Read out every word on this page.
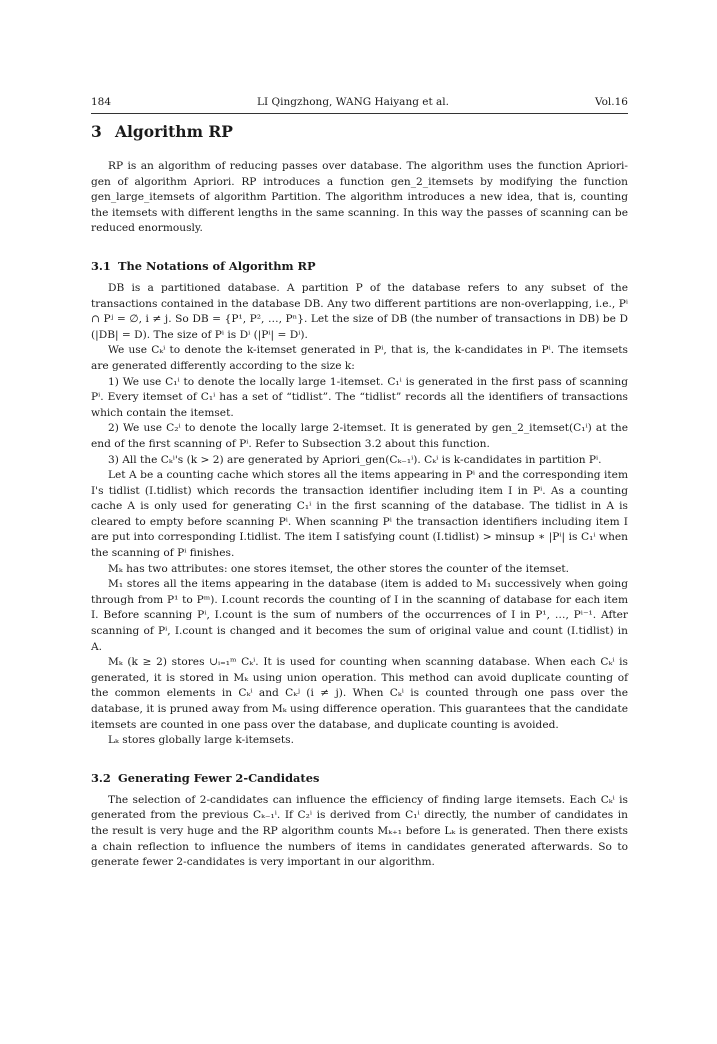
184	LI Qingzhong, WANG Haiyang et al.	Vol.16
3 Algorithm RP

RP is an algorithm of reducing passes over database. The algorithm uses the function Apriori-gen of algorithm Apriori. RP introduces a function gen_2_itemsets by modifying the function gen_large_itemsets of algorithm Partition. The algorithm introduces a new idea, that is, counting the itemsets with different lengths in the same scanning. In this way the passes of scanning can be reduced enormously.

3.1 The Notations of Algorithm RP

DB is a partitioned database. A partition P of the database refers to any subset of the transactions contained in the database DB. Any two different partitions are non-overlapping, i.e., Pⁱ ∩ Pʲ = ∅, i ≠ j. So DB = {P¹, P², …, Pⁿ}. Let the size of DB (the number of transactions in DB) be D (|DB| = D). The size of Pⁱ is Dⁱ (|Pⁱ| = Dⁱ).

We use Cₖⁱ to denote the k-itemset generated in Pⁱ, that is, the k-candidates in Pⁱ. The itemsets are generated differently according to the size k:

1) We use C₁ⁱ to denote the locally large 1-itemset. C₁ⁱ is generated in the first pass of scanning Pⁱ. Every itemset of C₁ⁱ has a set of “tidlist”. The “tidlist” records all the identifiers of transactions which contain the itemset.

2) We use C₂ⁱ to denote the locally large 2-itemset. It is generated by gen_2_itemset(C₁ⁱ) at the end of the first scanning of Pⁱ. Refer to Subsection 3.2 about this function.

3) All the Cₖⁱ's (k > 2) are generated by Apriori_gen(Cₖ₋₁ⁱ). Cₖⁱ is k-candidates in partition Pⁱ.

Let A be a counting cache which stores all the items appearing in Pⁱ and the corresponding item I's tidlist (I.tidlist) which records the transaction identifier including item I in Pⁱ. As a counting cache A is only used for generating C₁ⁱ in the first scanning of the database. The tidlist in A is cleared to empty before scanning Pⁱ. When scanning Pⁱ the transaction identifiers including item I are put into corresponding I.tidlist. The item I satisfying count (I.tidlist) > minsup ∗ |Pⁱ| is C₁ⁱ when the scanning of Pⁱ finishes.

Mₖ has two attributes: one stores itemset, the other stores the counter of the itemset.

M₁ stores all the items appearing in the database (item is added to M₁ successively when going through from P¹ to Pᵐ). I.count records the counting of I in the scanning of database for each item I. Before scanning Pⁱ, I.count is the sum of numbers of the occurrences of I in P¹, …, Pⁱ⁻¹. After scanning of Pⁱ, I.count is changed and it becomes the sum of original value and count (I.tidlist) in A.

Mₖ (k ≥ 2) stores ∪ᵢ₌₁ᵐ Cₖⁱ. It is used for counting when scanning database. When each Cₖⁱ is generated, it is stored in Mₖ using union operation. This method can avoid duplicate counting of the common elements in Cₖⁱ and Cₖʲ (i ≠ j). When Cₖⁱ is counted through one pass over the database, it is pruned away from Mₖ using difference operation. This guarantees that the candidate itemsets are counted in one pass over the database, and duplicate counting is avoided.

Lₖ stores globally large k-itemsets.

3.2 Generating Fewer 2-Candidates

The selection of 2-candidates can influence the efficiency of finding large itemsets. Each Cₖⁱ is generated from the previous Cₖ₋₁ⁱ. If C₂ⁱ is derived from C₁ⁱ directly, the number of candidates in the result is very huge and the RP algorithm counts Mₖ₊₁ before Lₖ is generated. Then there exists a chain reflection to influence the numbers of items in candidates generated afterwards. So to generate fewer 2-candidates is very important in our algorithm.
